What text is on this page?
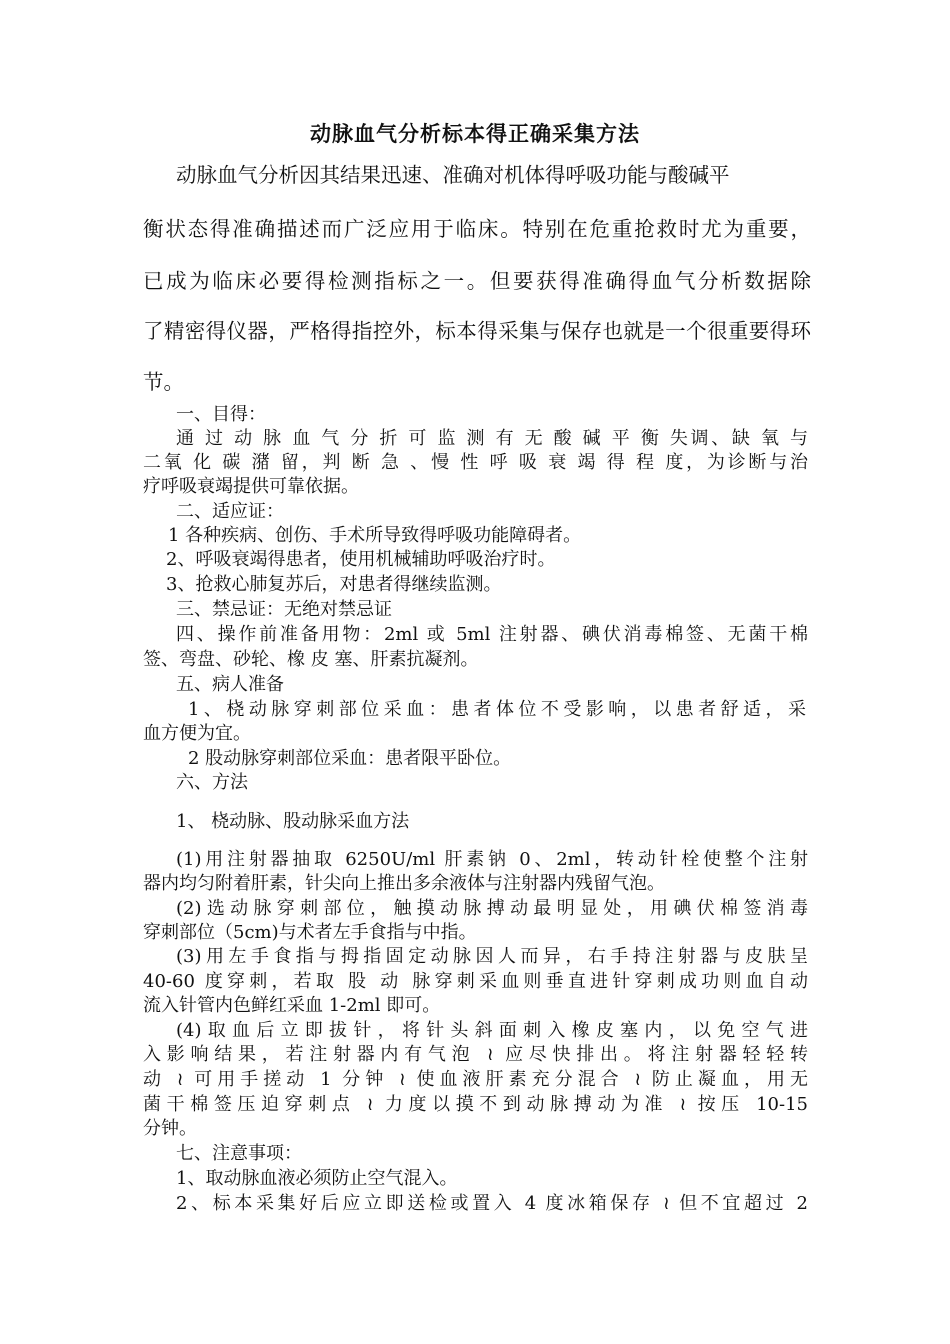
动脉血气分析标本得正确采集方法
动脉血气分析因其结果迅速、准确对机体得呼吸功能与酸碱平
衡状态得准确描述而广泛应用于临床。特别在危重抢救时尤为重要，
已成为临床必要得检测指标之一。但要获得准确得血气分析数据除
了精密得仪器，严格得指控外，标本得采集与保存也就是一个很重要得环
节。
一、目得：
通 过 动 脉 血 气 分 折 可 监 测 有 无 酸 碱 平 衡 失调、缺 氧 与
二氧 化 碳 潴 留，判 断 急 、慢 性 呼 吸 衰 竭 得 程 度，为诊断与治
疗呼吸衰竭提供可靠依据。
二、适应证：
1 各种疾病、创伤、手术所导致得呼吸功能障碍者。
2、呼吸衰竭得患者，使用机械辅助呼吸治疗时。
3、抢救心肺复苏后，对患者得继续监测。
三、禁忌证：无绝对禁忌证
四、操作前准备用物：2ml 或 5ml 注射器、碘伏消毒棉签、无菌干棉
签、弯盘、砂轮、橡 皮 塞、肝素抗凝剂。
五、病人准备
1、桡动脉穿刺部位采血：患者体位不受影响，以患者舒适，采
血方便为宜。
2 股动脉穿刺部位采血：患者限平卧位。
六、方法
1、 桡动脉、股动脉采血方法
(1)用注射器抽取 6250U/ml 肝素钠 0、2ml，转动针栓使整个注射
器内均匀附着肝素，针尖向上推出多余液体与注射器内残留气泡。
(2)选动脉穿刺部位，触摸动脉搏动最明显处，用碘伏棉签消毒
穿刺部位（5cm)与术者左手食指与中指。
(3)用左手食指与拇指固定动脉因人而异，右手持注射器与皮肤呈
40-60 度穿刺，若取 股 动 脉穿刺采血则垂直进针穿刺成功则血自动
流入针管内色鲜红采血 1-2ml 即可。
(4)取血后立即拔针，将针头斜面刺入橡皮塞内，以免空气进
入影响结果，若注射器内有气泡 ≀ 应尽快排出。将注射器轻轻转
动 ≀ 可用手搓动 1 分钟 ≀ 使血液肝素充分混合 ≀ 防止凝血，用无
菌干棉签压迫穿刺点 ≀ 力度以摸不到动脉搏动为准 ≀ 按压 10-15
分钟。
七、注意事项：
1、取动脉血液必须防止空气混入。
2、标本采集好后应立即送检或置入 4 度冰箱保存 ≀ 但不宜超过 2
